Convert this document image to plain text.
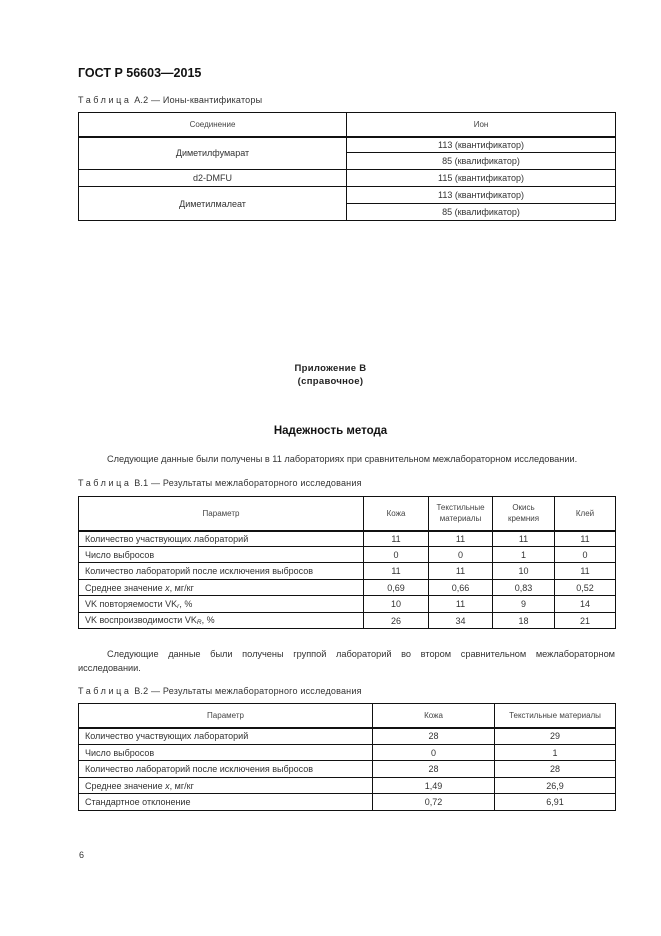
ГОСТ Р 56603—2015
Таблица А.2 — Ионы-квантификаторы
Соединение	Ион
Диметилфумарат	113 (квантификатор)
	85 (квалификатор)
d2-DMFU	115 (квантификатор)
Диметилмалеат	113 (квантификатор)
	85 (квалификатор)
Приложение В
(справочное)
Надежность метода
Следующие данные были получены в 11 лабораториях при сравнительном межлабораторном исследовании.
Таблица В.1 — Результаты межлабораторного исследования
Параметр	Кожа	Текстильные материалы	Окись кремния	Клей
Количество участвующих лабораторий	11	11	11	11
Число выбросов	0	0	1	0
Количество лабораторий после исключения выбросов	11	11	10	11
Среднее значение x, мг/кг	0,69	0,66	0,83	0,52
VK повторяемости $VK_r$, %	10	11	9	14
VK воспроизводимости $VK_R$, %	26	34	18	21
Следующие данные были получены группой лабораторий во втором сравнительном межлабораторном исследовании.
Таблица В.2 — Результаты межлабораторного исследования
Параметр	Кожа	Текстильные материалы
Количество участвующих лабораторий	28	29
Число выбросов	0	1
Количество лабораторий после исключения выбросов	28	28
Среднее значение x, мг/кг	1,49	26,9
Стандартное отклонение	0,72	6,91
6
